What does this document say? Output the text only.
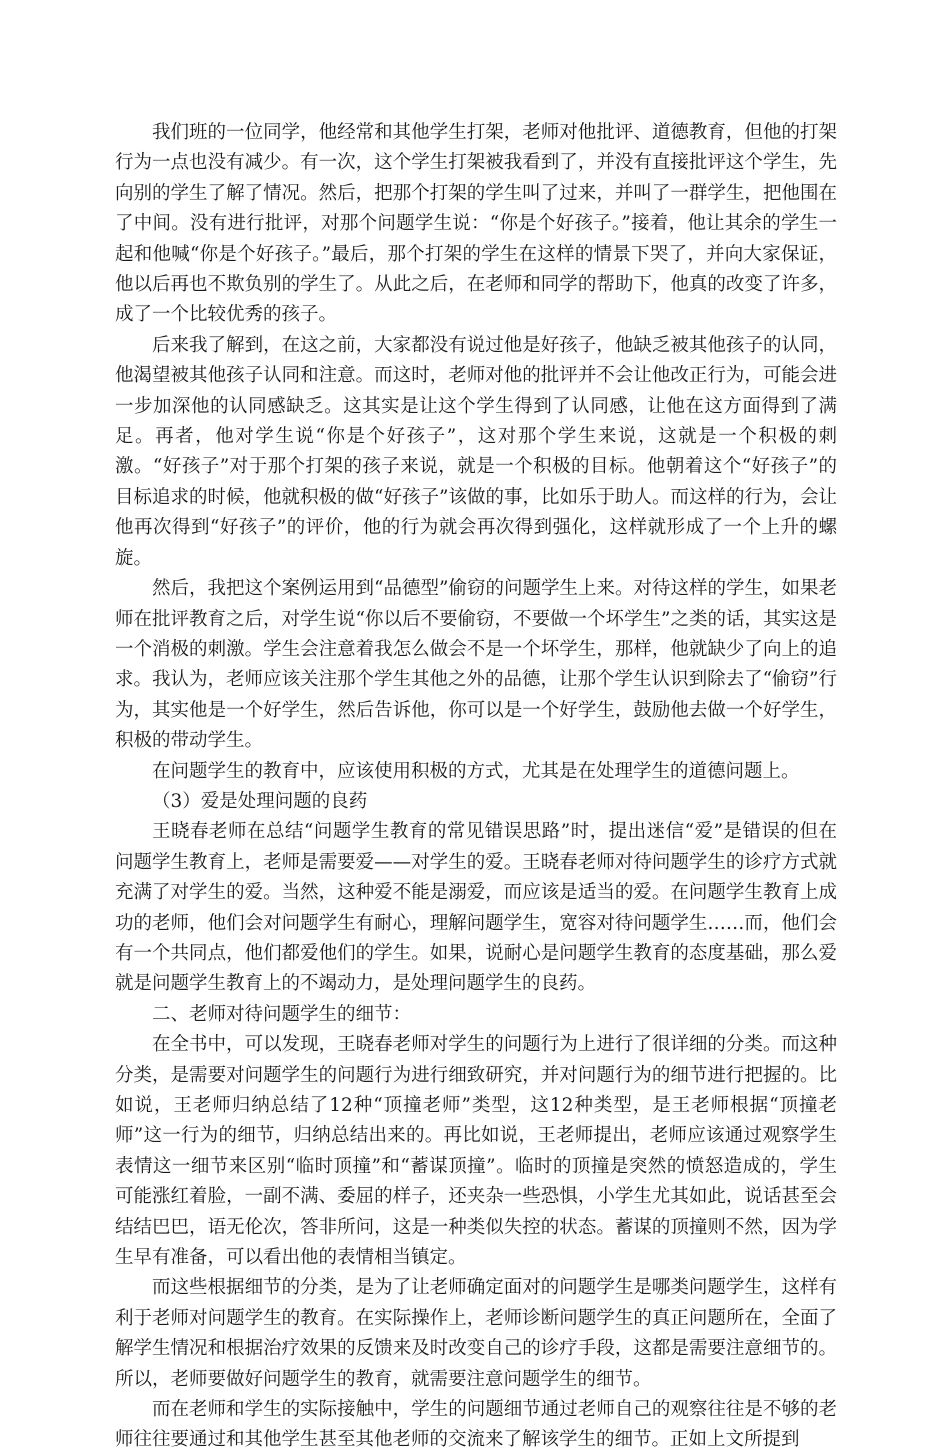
我们班的一位同学，他经常和其他学生打架，老师对他批评、道德教育，但他的打架行为一点也没有减少。有一次，这个学生打架被我看到了，并没有直接批评这个学生，先向别的学生了解了情况。然后，把那个打架的学生叫了过来，并叫了一群学生，把他围在了中间。没有进行批评，对那个问题学生说：“你是个好孩子。”接着，他让其余的学生一起和他喊“你是个好孩子。”最后，那个打架的学生在这样的情景下哭了，并向大家保证，他以后再也不欺负别的学生了。从此之后，在老师和同学的帮助下，他真的改变了许多，成了一个比较优秀的孩子。

后来我了解到，在这之前，大家都没有说过他是好孩子，他缺乏被其他孩子的认同，他渴望被其他孩子认同和注意。而这时，老师对他的批评并不会让他改正行为，可能会进一步加深他的认同感缺乏。这其实是让这个学生得到了认同感，让他在这方面得到了满足。再者，他对学生说“你是个好孩子”，这对那个学生来说，这就是一个积极的刺激。“好孩子”对于那个打架的孩子来说，就是一个积极的目标。他朝着这个“好孩子”的目标追求的时候，他就积极的做“好孩子”该做的事，比如乐于助人。而这样的行为，会让他再次得到“好孩子”的评价，他的行为就会再次得到强化，这样就形成了一个上升的螺旋。

然后，我把这个案例运用到“品德型”偷窃的问题学生上来。对待这样的学生，如果老师在批评教育之后，对学生说“你以后不要偷窃，不要做一个坏学生”之类的话，其实这是一个消极的刺激。学生会注意着我怎么做会不是一个坏学生，那样，他就缺少了向上的追求。我认为，老师应该关注那个学生其他之外的品德，让那个学生认识到除去了“偷窃”行为，其实他是一个好学生，然后告诉他，你可以是一个好学生，鼓励他去做一个好学生，积极的带动学生。

在问题学生的教育中，应该使用积极的方式，尤其是在处理学生的道德问题上。

（3）爱是处理问题的良药

王晓春老师在总结“问题学生教育的常见错误思路”时，提出迷信“爱”是错误的但在问题学生教育上，老师是需要爱——对学生的爱。王晓春老师对待问题学生的诊疗方式就充满了对学生的爱。当然，这种爱不能是溺爱，而应该是适当的爱。在问题学生教育上成功的老师，他们会对问题学生有耐心，理解问题学生，宽容对待问题学生……而，他们会有一个共同点，他们都爱他们的学生。如果，说耐心是问题学生教育的态度基础，那么爱就是问题学生教育上的不竭动力，是处理问题学生的良药。

二、老师对待问题学生的细节：

在全书中，可以发现，王晓春老师对学生的问题行为上进行了很详细的分类。而这种分类，是需要对问题学生的问题行为进行细致研究，并对问题行为的细节进行把握的。比如说，王老师归纳总结了12种“顶撞老师”类型，这12种类型，是王老师根据“顶撞老师”这一行为的细节，归纳总结出来的。再比如说，王老师提出，老师应该通过观察学生表情这一细节来区别“临时顶撞”和“蓄谋顶撞”。临时的顶撞是突然的愤怒造成的，学生可能涨红着脸，一副不满、委屈的样子，还夹杂一些恐惧，小学生尤其如此，说话甚至会结结巴巴，语无伦次，答非所问，这是一种类似失控的状态。蓄谋的顶撞则不然，因为学生早有准备，可以看出他的表情相当镇定。

而这些根据细节的分类，是为了让老师确定面对的问题学生是哪类问题学生，这样有利于老师对问题学生的教育。在实际操作上，老师诊断问题学生的真正问题所在，全面了解学生情况和根据治疗效果的反馈来及时改变自己的诊疗手段，这都是需要注意细节的。所以，老师要做好问题学生的教育，就需要注意问题学生的细节。

而在老师和学生的实际接触中，学生的问题细节通过老师自己的观察往往是不够的老师往往要通过和其他学生甚至其他老师的交流来了解该学生的细节。正如上文所提到
